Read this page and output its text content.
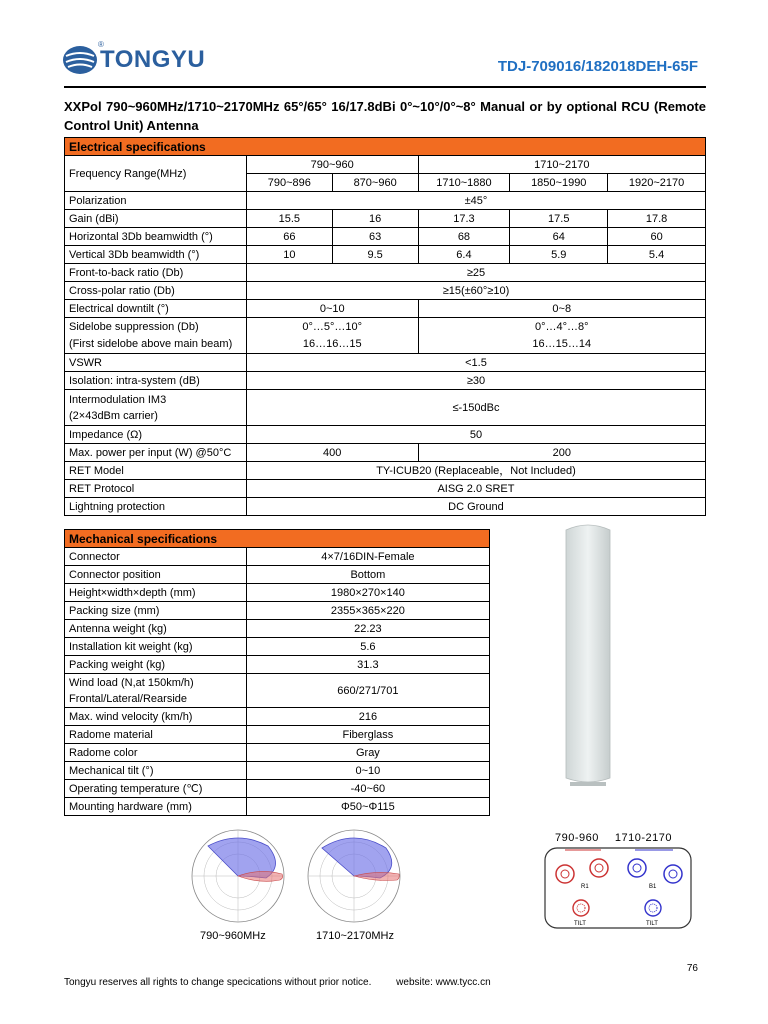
®
TONGYU	TDJ-709016/182018DEH-65F
XXPol 790~960MHz/1710~2170MHz 65°/65° 16/17.8dBi 0°~10°/0°~8° Manual or by optional RCU (Remote Control Unit) Antenna
Electrical specifications					
Frequency Range(MHz)	790~960		1710~2170		
	790~896	870~960	1710~1880	1850~1990	1920~2170
Polarization	±45°				
Gain (dBi)	15.5	16	17.3	17.5	17.8
Horizontal 3Db beamwidth (°)	66	63	68	64	60
Vertical 3Db beamwidth (°)	10	9.5	6.4	5.9	5.4
Front-to-back ratio (Db)	≥25				
Cross-polar ratio (Db)	≥15(±60°≥10)				
Electrical downtilt (°)	0~10		0~8		
Sidelobe suppression (Db)	0°…5°…10°		0°…4°…8°		
(First sidelobe above main beam)	16…16…15		16…15…14		
VSWR	<1.5				
Isolation: intra-system (dB)	≥30				

Intermodulation IM3
(2×43dBm carrier)	≤-150dBc				
Impedance (Ω)	50				
Max. power per input (W) @50°C	400		200		
RET Model	TY-ICUB20 (Replaceable，Not Included)				
RET Protocol	AISG 2.0 SRET				
Lightning protection	DC Ground				
Mechanical specifications	
Connector	4×7/16DIN-Female
Connector position	Bottom
Height×width×depth (mm)	1980×270×140
Packing size (mm)	2355×365×220
Antenna weight (kg)	22.23
Installation kit weight (kg)	5.6
Packing weight (kg)	31.3

Wind load (N,at 150km/h)
Frontal/Lateral/Rearside	660/271/701
Max. wind velocity (km/h)	216
Radome material	Fiberglass
Radome color	Gray
Mechanical tilt (°)	0~10
Operating temperature (℃)	-40~60
Mounting hardware (mm)	Φ50~Φ115
790~960MHz	1710~2170MHz
790-960 1710-2170
R1	B1
TILT	TILT
76
Tongyu reserves all rights to change specications without prior notice. website: www.tycc.cn
